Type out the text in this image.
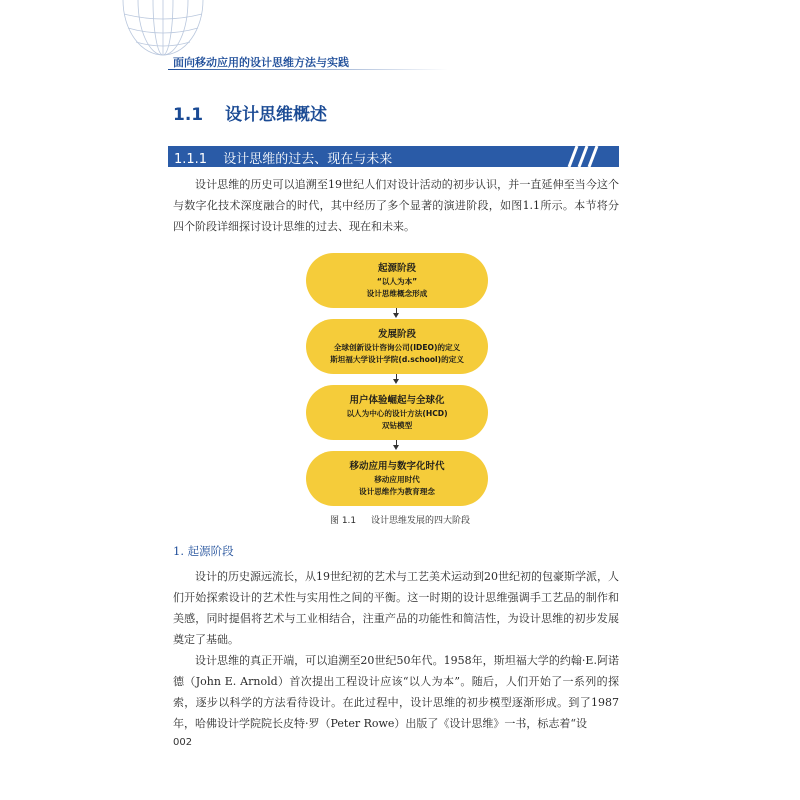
面向移动应用的设计思维方法与实践
1.1 设计思维概述
1.1.1 设计思维的过去、现在与未来

设计思维的历史可以追溯至19世纪人们对设计活动的初步认识，并一直延伸至当今这个与数字化技术深度融合的时代，其中经历了多个显著的演进阶段，如图1.1所示。本节将分四个阶段详细探讨设计思维的过去、现在和未来。

起源阶段
“以人为本”
设计思维概念形成
发展阶段
全球创新设计咨询公司(IDEO)的定义
斯坦福大学设计学院(d.school)的定义
用户体验崛起与全球化
以人为中心的设计方法(HCD)
双钻模型
移动应用与数字化时代
移动应用时代
设计思维作为教育理念
图 1.1 设计思维发展的四大阶段
1. 起源阶段

设计的历史源远流长，从19世纪初的艺术与工艺美术运动到20世纪初的包豪斯学派，人们开始探索设计的艺术性与实用性之间的平衡。这一时期的设计思维强调手工艺品的制作和美感，同时提倡将艺术与工业相结合，注重产品的功能性和简洁性，为设计思维的初步发展奠定了基础。

设计思维的真正开端，可以追溯至20世纪50年代。1958年，斯坦福大学的约翰·E.阿诺德（John E. Arnold）首次提出工程设计应该“以人为本”。随后，人们开始了一系列的探索，逐步以科学的方法看待设计。在此过程中，设计思维的初步模型逐渐形成。到了1987年，哈佛设计学院院长皮特·罗（Peter Rowe）出版了《设计思维》一书，标志着“设

002
